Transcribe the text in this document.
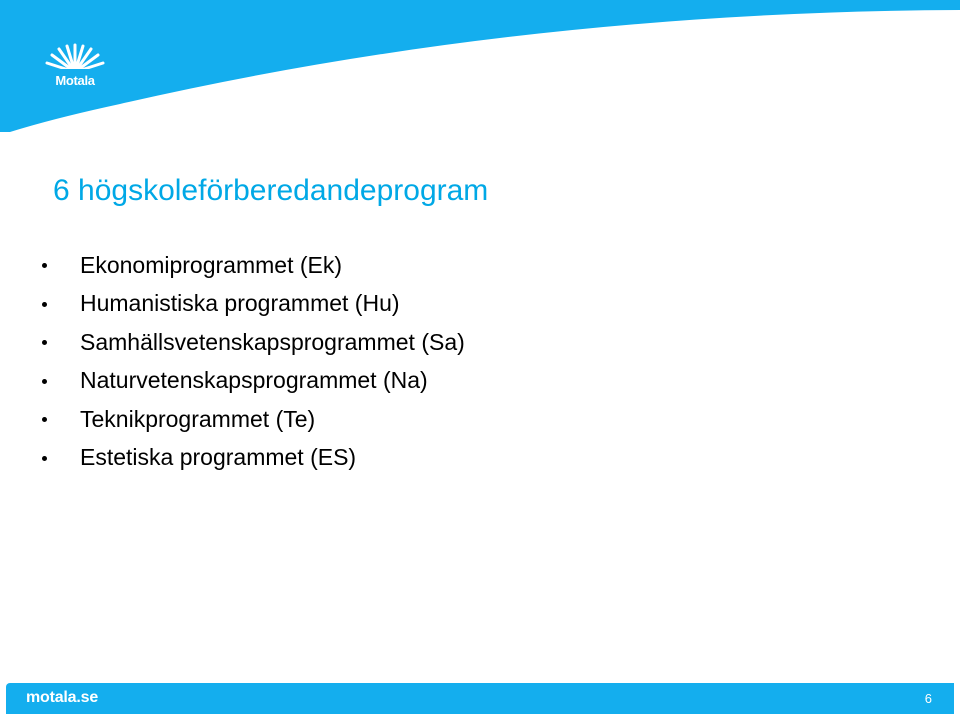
Motala
6 högskoleförberedandeprogram
Ekonomiprogrammet (Ek)
Humanistiska programmet (Hu)
Samhällsvetenskapsprogrammet (Sa)
Naturvetenskapsprogrammet (Na)
Teknikprogrammet (Te)
Estetiska programmet (ES)
motala.se	6
